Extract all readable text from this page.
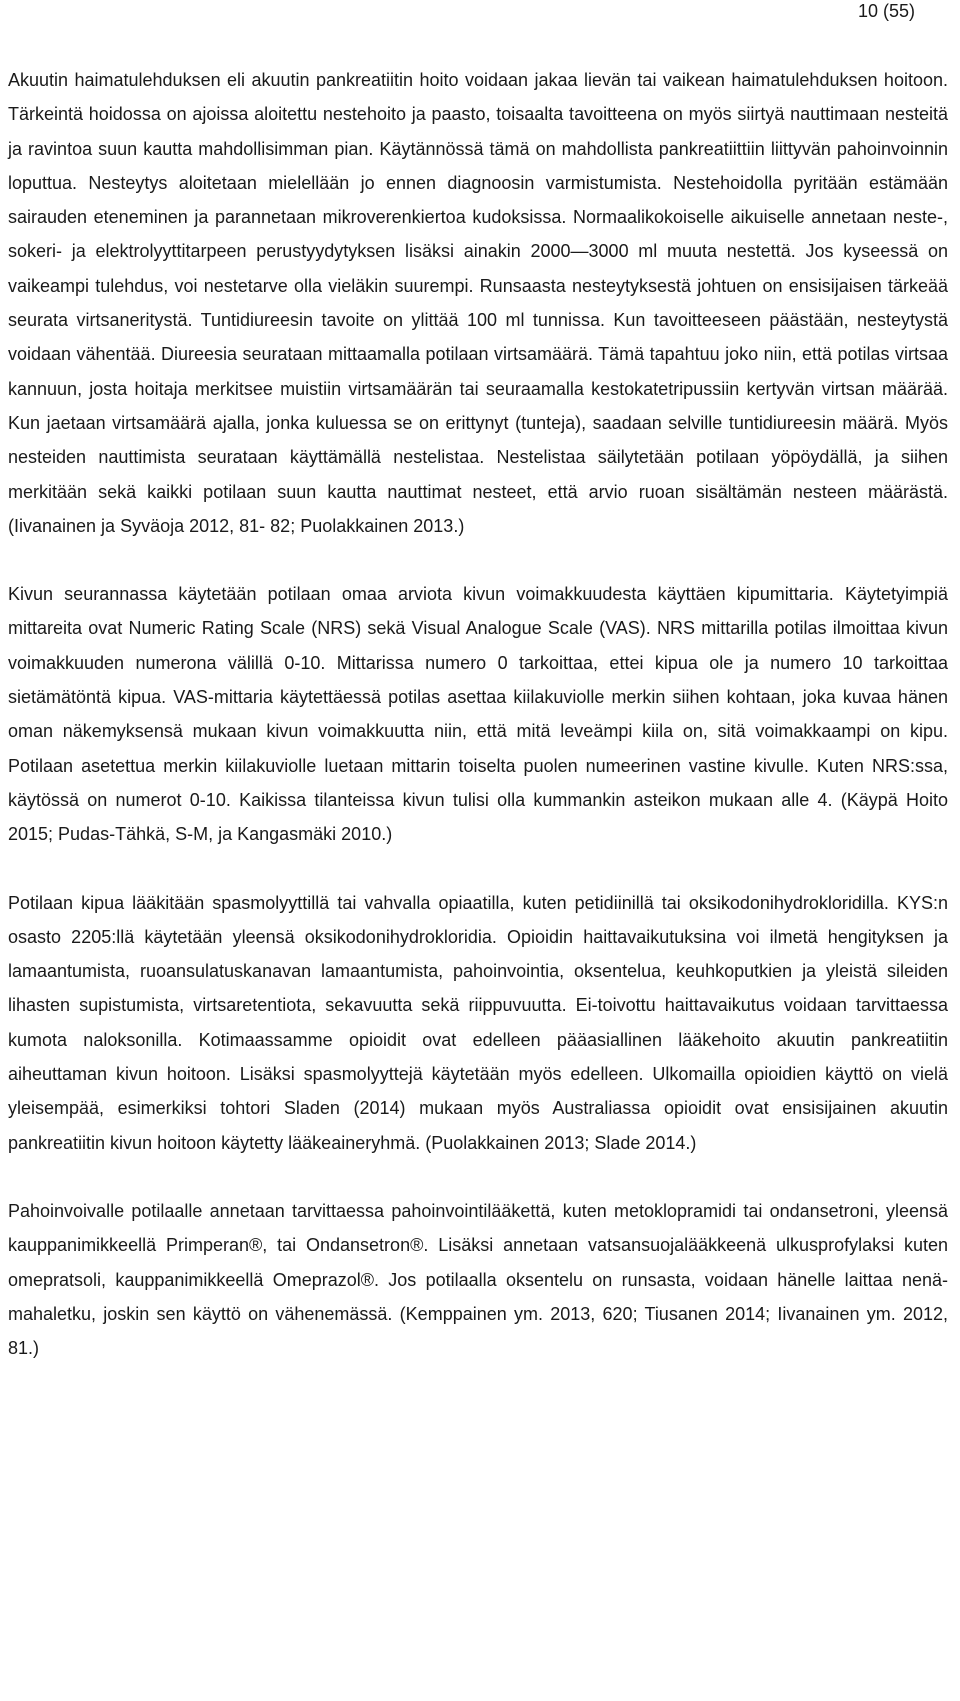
10 (55)

Akuutin haimatulehduksen eli akuutin pankreatiitin hoito voidaan jakaa lievän tai vaikean haimatulehduksen hoitoon. Tärkeintä hoidossa on ajoissa aloitettu nestehoito ja paasto, toisaalta tavoitteena on myös siirtyä nauttimaan nesteitä ja ravintoa suun kautta mahdollisimman pian. Käytännössä tämä on mahdollista pankreatiittiin liittyvän pahoinvoinnin loputtua. Nesteytys aloitetaan mielellään jo ennen diagnoosin varmistumista. Nestehoidolla pyritään estämään sairauden eteneminen ja parannetaan mikroverenkiertoa kudoksissa. Normaalikokoiselle aikuiselle annetaan neste-, sokeri- ja elektrolyyttitarpeen perustyydytyksen lisäksi ainakin 2000—3000 ml muuta nestettä. Jos kyseessä on vaikeampi tulehdus, voi nestetarve olla vieläkin suurempi. Runsaasta nesteytyksestä johtuen on ensisijaisen tärkeää seurata virtsaneritystä. Tuntidiureesin tavoite on ylittää 100 ml tunnissa. Kun tavoitteeseen päästään, nesteytystä voidaan vähentää. Diureesia seurataan mittaamalla potilaan virtsamäärä. Tämä tapahtuu joko niin, että potilas virtsaa kannuun, josta hoitaja merkitsee muistiin virtsamäärän tai seuraamalla kestokatetripussiin kertyvän virtsan määrää. Kun jaetaan virtsamäärä ajalla, jonka kuluessa se on erittynyt (tunteja), saadaan selville tuntidiureesin määrä. Myös nesteiden nauttimista seurataan käyttämällä nestelistaa. Nestelistaa säilytetään potilaan yöpöydällä, ja siihen merkitään sekä kaikki potilaan suun kautta nauttimat nesteet, että arvio ruoan sisältämän nesteen määrästä. (Iivanainen ja Syväoja 2012, 81- 82; Puolakkainen 2013.)

Kivun seurannassa käytetään potilaan omaa arviota kivun voimakkuudesta käyttäen kipumittaria. Käytetyimpiä mittareita ovat Numeric Rating Scale (NRS) sekä Visual Analogue Scale (VAS). NRS mittarilla potilas ilmoittaa kivun voimakkuuden numerona välillä 0-10. Mittarissa numero 0 tarkoittaa, ettei kipua ole ja numero 10 tarkoittaa sietämätöntä kipua. VAS-mittaria käytettäessä potilas asettaa kiilakuviolle merkin siihen kohtaan, joka kuvaa hänen oman näkemyksensä mukaan kivun voimakkuutta niin, että mitä leveämpi kiila on, sitä voimakkaampi on kipu. Potilaan asetettua merkin kiilakuviolle luetaan mittarin toiselta puolen numeerinen vastine kivulle. Kuten NRS:ssa, käytössä on numerot 0-10. Kaikissa tilanteissa kivun tulisi olla kummankin asteikon mukaan alle 4. (Käypä Hoito 2015; Pudas-Tähkä, S-M, ja Kangasmäki 2010.)

Potilaan kipua lääkitään spasmolyyttillä tai vahvalla opiaatilla, kuten petidiinillä tai oksikodonihydrokloridilla. KYS:n osasto 2205:llä käytetään yleensä oksikodonihydrokloridia. Opioidin haittavaikutuksina voi ilmetä hengityksen ja lamaantumista, ruoansulatuskanavan lamaantumista, pahoinvointia, oksentelua, keuhkoputkien ja yleistä sileiden lihasten supistumista, virtsaretentiota, sekavuutta sekä riippuvuutta. Ei-toivottu haittavaikutus voidaan tarvittaessa kumota naloksonilla. Kotimaassamme opioidit ovat edelleen pääasiallinen lääkehoito akuutin pankreatiitin aiheuttaman kivun hoitoon. Lisäksi spasmolyyttejä käytetään myös edelleen. Ulkomailla opioidien käyttö on vielä yleisempää, esimerkiksi tohtori Sladen (2014) mukaan myös Australiassa opioidit ovat ensisijainen akuutin pankreatiitin kivun hoitoon käytetty lääkeaineryhmä. (Puolakkainen 2013; Slade 2014.)

Pahoinvoivalle potilaalle annetaan tarvittaessa pahoinvointilääkettä, kuten metoklopramidi tai ondansetroni, yleensä kauppanimikkeellä Primperan®, tai Ondansetron®. Lisäksi annetaan vatsansuojalääkkeenä ulkusprofylaksi kuten omepratsoli, kauppanimikkeellä Omeprazol®. Jos potilaalla oksentelu on runsasta, voidaan hänelle laittaa nenä-mahaletku, joskin sen käyttö on vähenemässä. (Kemppainen ym. 2013, 620; Tiusanen 2014; Iivanainen ym. 2012, 81.)
